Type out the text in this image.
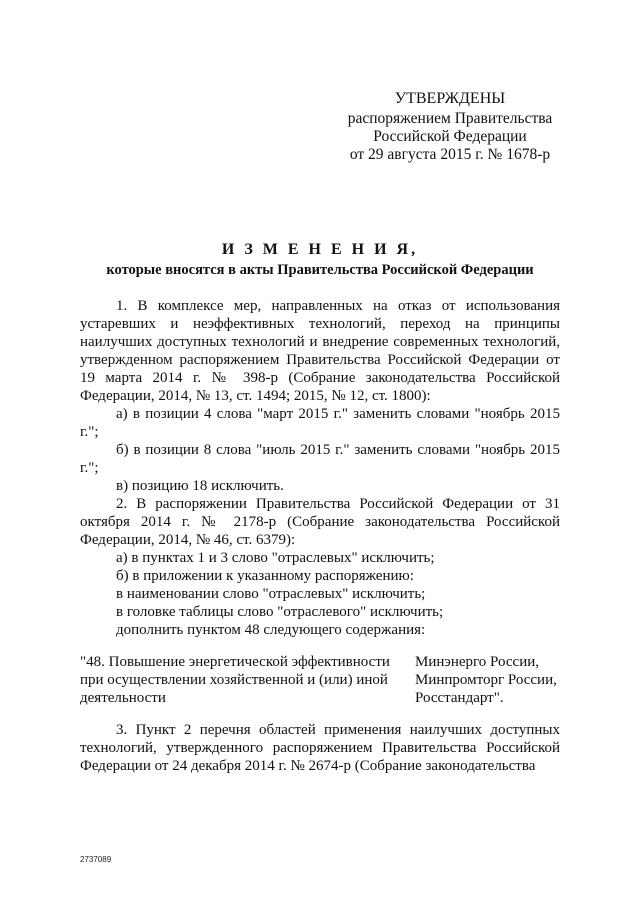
УТВЕРЖДЕНЫ
распоряжением Правительства
Российской Федерации
от 29 августа 2015 г. № 1678-р
И З М Е Н Е Н И Я,
которые вносятся в акты Правительства Российской Федерации

1. В комплексе мер, направленных на отказ от использования устаревших и неэффективных технологий, переход на принципы наилучших доступных технологий и внедрение современных технологий, утвержденном распоряжением Правительства Российской Федерации от 19 марта 2014 г. № 398-р (Собрание законодательства Российской Федерации, 2014, № 13, ст. 1494; 2015, № 12, ст. 1800):

а) в позиции 4 слова "март 2015 г." заменить словами "ноябрь 2015 г.";

б) в позиции 8 слова "июль 2015 г." заменить словами "ноябрь 2015 г.";

в) позицию 18 исключить.

2. В распоряжении Правительства Российской Федерации от 31 октября 2014 г. № 2178-р (Собрание законодательства Российской Федерации, 2014, № 46, ст. 6379):

а) в пунктах 1 и 3 слово "отраслевых" исключить;

б) в приложении к указанному распоряжению:

в наименовании слово "отраслевых" исключить;

в головке таблицы слово "отраслевого" исключить;

дополнить пунктом 48 следующего содержания:

"48. Повышение энергетической эффективности
при осуществлении хозяйственной и (или) иной
деятельности
Минэнерго России,
Минпромторг России,
Росстандарт".

3. Пункт 2 перечня областей применения наилучших доступных технологий, утвержденного распоряжением Правительства Российской Федерации от 24 декабря 2014 г. № 2674-р (Собрание законодательства

2737089
